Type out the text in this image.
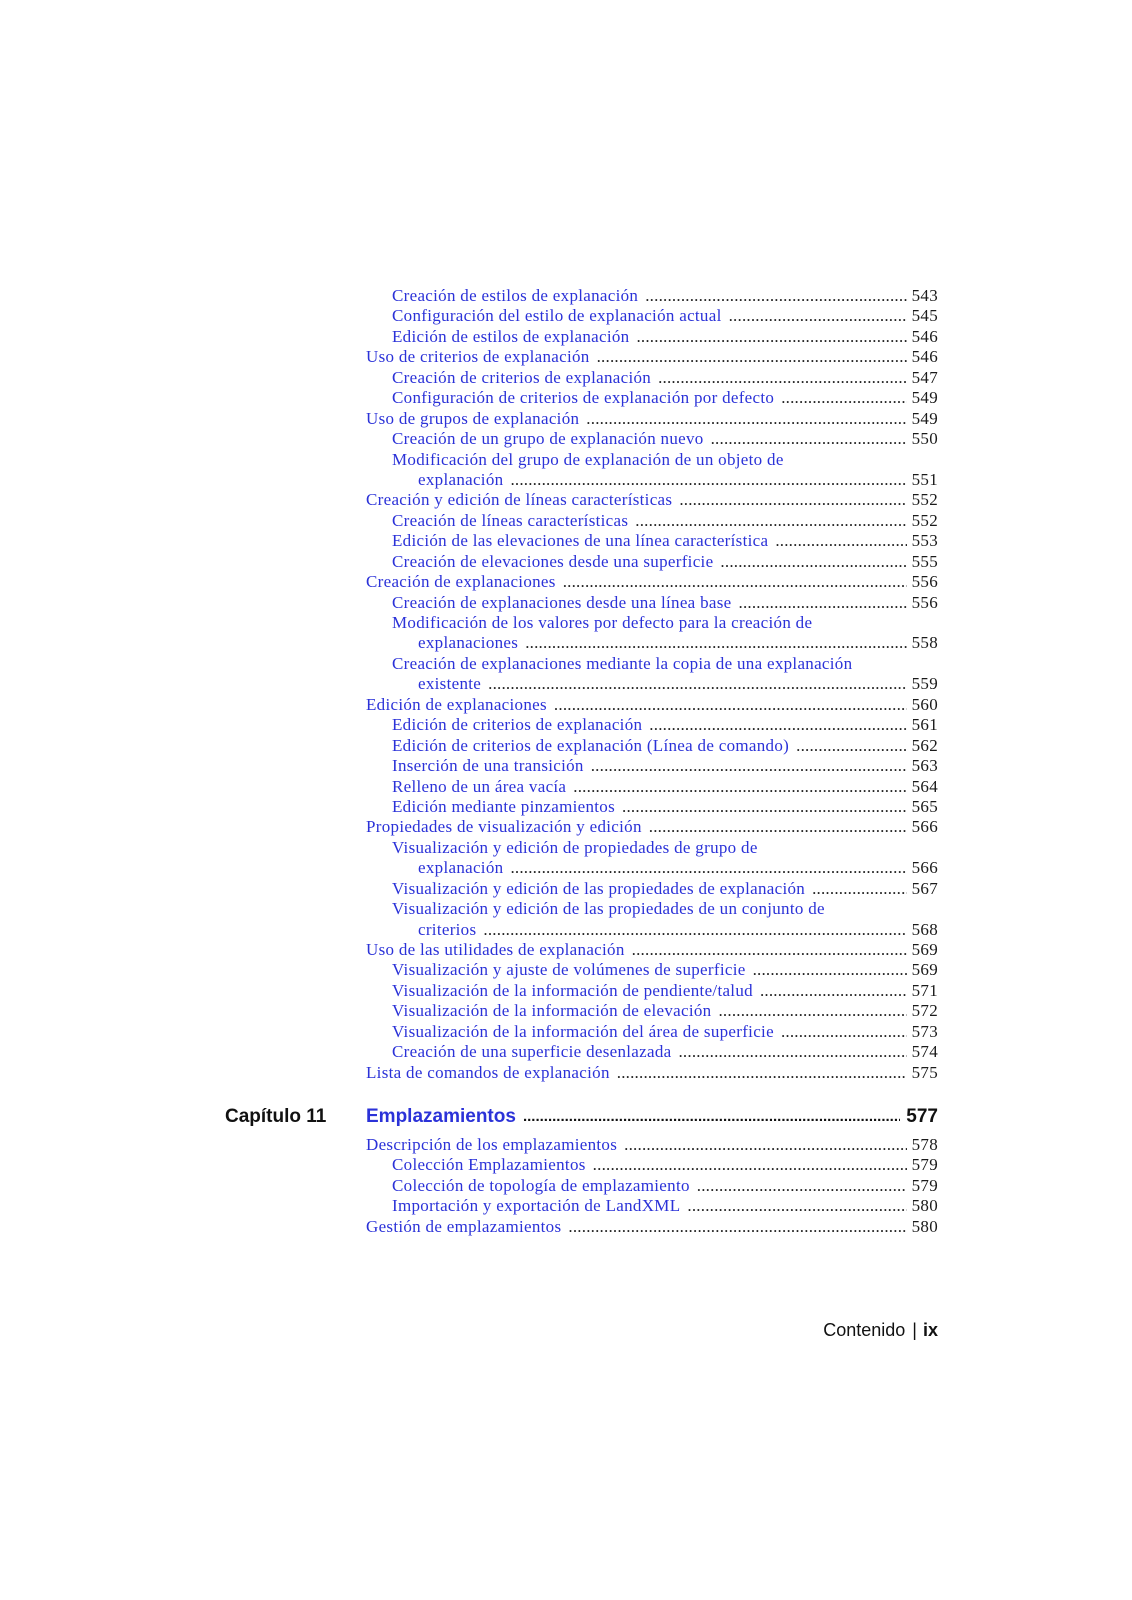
Creación de estilos de explanación .....	543
Configuración del estilo de explanación actual .....	545
Edición de estilos de explanación .....	546
Uso de criterios de explanación .....	546
Creación de criterios de explanación .....	547
Configuración de criterios de explanación por defecto .....	549
Uso de grupos de explanación .....	549
Creación de un grupo de explanación nuevo .....	550
Modificación del grupo de explanación de un objeto de
explanación .....	551
Creación y edición de líneas características .....	552
Creación de líneas características .....	552
Edición de las elevaciones de una línea característica .....	553
Creación de elevaciones desde una superficie .....	555
Creación de explanaciones .....	556
Creación de explanaciones desde una línea base .....	556
Modificación de los valores por defecto para la creación de
explanaciones .....	558
Creación de explanaciones mediante la copia de una explanación
existente .....	559
Edición de explanaciones .....	560
Edición de criterios de explanación .....	561
Edición de criterios de explanación (Línea de comando) .....	562
Inserción de una transición .....	563
Relleno de un área vacía .....	564
Edición mediante pinzamientos .....	565
Propiedades de visualización y edición .....	566
Visualización y edición de propiedades de grupo de
explanación .....	566
Visualización y edición de las propiedades de explanación .....	567
Visualización y edición de las propiedades de un conjunto de
criterios .....	568
Uso de las utilidades de explanación .....	569
Visualización y ajuste de volúmenes de superficie .....	569
Visualización de la información de pendiente/talud .....	571
Visualización de la información de elevación .....	572
Visualización de la información del área de superficie .....	573
Creación de una superficie desenlazada .....	574
Lista de comandos de explanación .....	575
Capítulo 11	Emplazamientos .....	577
Descripción de los emplazamientos .....	578
Colección Emplazamientos .....	579
Colección de topología de emplazamiento .....	579
Importación y exportación de LandXML .....	580
Gestión de emplazamientos .....	580
Contenido | ix
